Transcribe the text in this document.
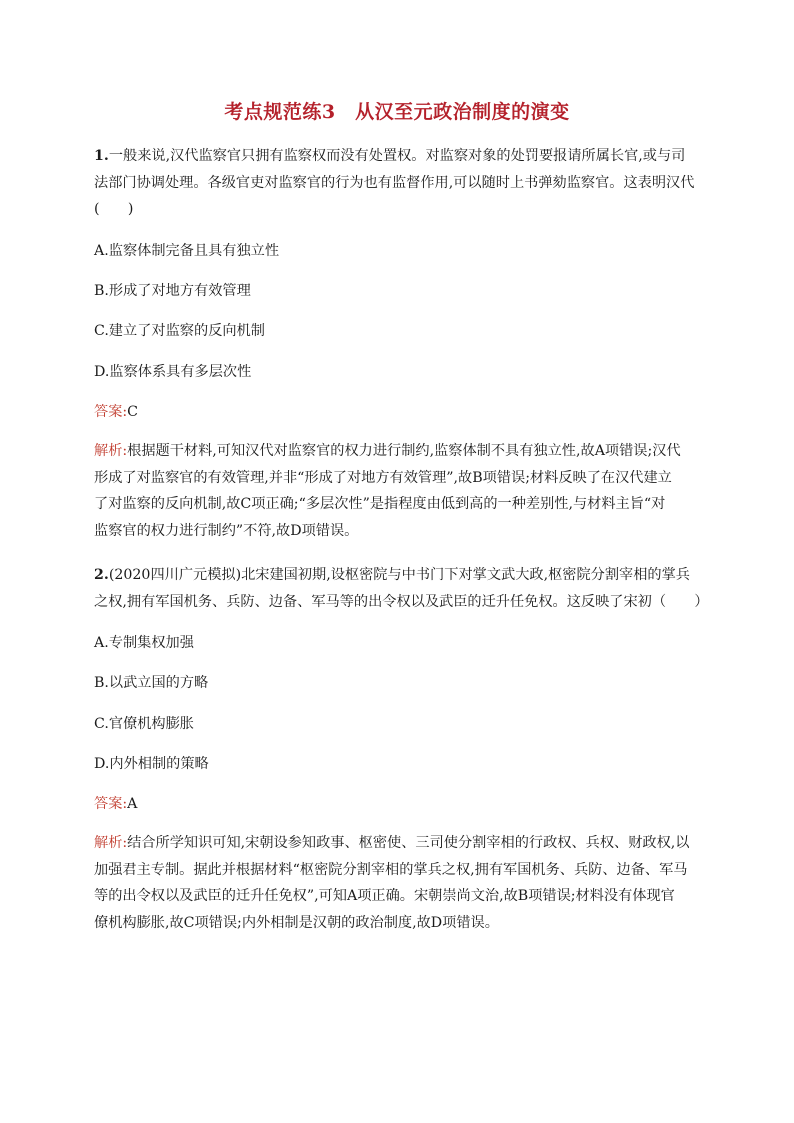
考点规范练3　从汉至元政治制度的演变
1.一般来说,汉代监察官只拥有监察权而没有处置权。对监察对象的处罚要报请所属长官,或与司
法部门协调处理。各级官吏对监察官的行为也有监督作用,可以随时上书弹劾监察官。这表明汉代
(　　)
A.监察体制完备且具有独立性
B.形成了对地方有效管理
C.建立了对监察的反向机制
D.监察体系具有多层次性
答案:C
解析:根据题干材料,可知汉代对监察官的权力进行制约,监察体制不具有独立性,故A项错误;汉代
形成了对监察官的有效管理,并非“形成了对地方有效管理”,故B项错误;材料反映了在汉代建立
了对监察的反向机制,故C项正确;“多层次性”是指程度由低到高的一种差别性,与材料主旨“对
监察官的权力进行制约”不符,故D项错误。
2.(2020四川广元模拟)北宋建国初期,设枢密院与中书门下对掌文武大政,枢密院分割宰相的掌兵
之权,拥有军国机务、兵防、边备、军马等的出令权以及武臣的迁升任免权。这反映了宋初（　　）
A.专制集权加强
B.以武立国的方略
C.官僚机构膨胀
D.内外相制的策略
答案:A
解析:结合所学知识可知,宋朝设参知政事、枢密使、三司使分割宰相的行政权、兵权、财政权,以
加强君主专制。据此并根据材料“枢密院分割宰相的掌兵之权,拥有军国机务、兵防、边备、军马
等的出令权以及武臣的迁升任免权”,可知A项正确。宋朝崇尚文治,故B项错误;材料没有体现官
僚机构膨胀,故C项错误;内外相制是汉朝的政治制度,故D项错误。
